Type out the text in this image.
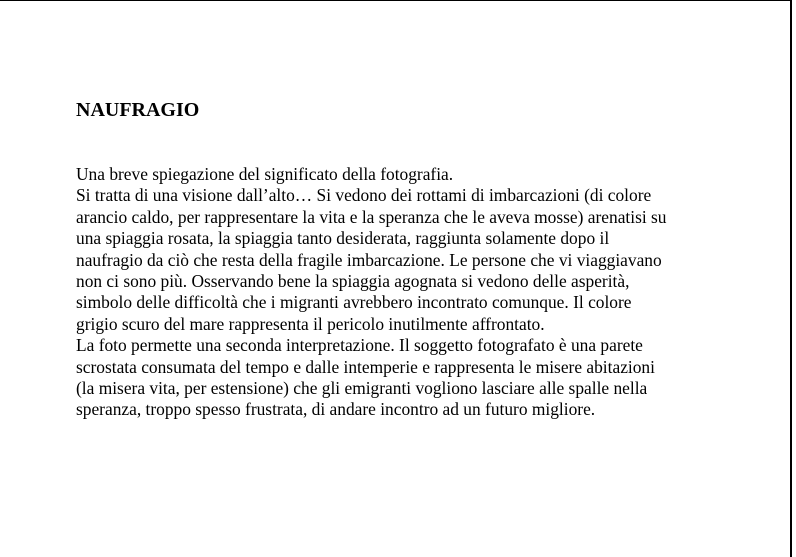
NAUFRAGIO
Una breve spiegazione del significato della fotografia.
Si tratta di una visione dall’alto… Si vedono dei rottami di imbarcazioni (di colore
arancio caldo, per rappresentare la vita e la speranza che le aveva mosse) arenatisi su
una spiaggia rosata, la spiaggia tanto desiderata, raggiunta solamente dopo il
naufragio da ciò che resta della fragile imbarcazione. Le persone che vi viaggiavano
non ci sono più. Osservando bene la spiaggia agognata si vedono delle asperità,
simbolo delle difficoltà che i migranti avrebbero incontrato comunque. Il colore
grigio scuro del mare rappresenta il pericolo inutilmente affrontato.
La foto permette una seconda interpretazione. Il soggetto fotografato è una parete
scrostata consumata del tempo e dalle intemperie e rappresenta le misere abitazioni
(la misera vita, per estensione) che gli emigranti vogliono lasciare alle spalle nella
speranza, troppo spesso frustrata, di andare incontro ad un futuro migliore.
